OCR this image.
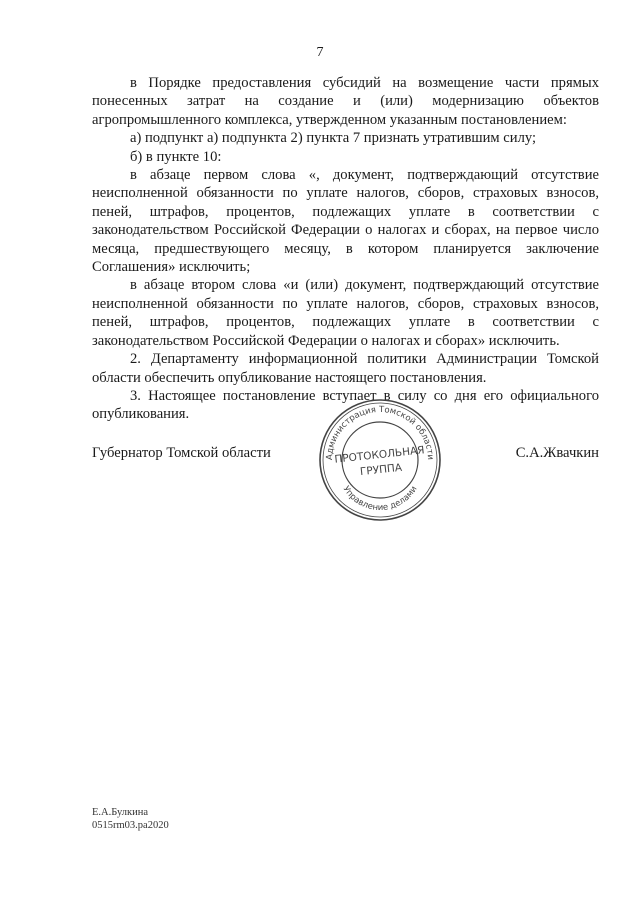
7

в Порядке предоставления субсидий на возмещение части прямых понесенных затрат на создание и (или) модернизацию объектов агропромышленного комплекса, утвержденном указанным постановлением:

а) подпункт а) подпункта 2) пункта 7 признать утратившим силу;

б) в пункте 10:

в абзаце первом слова «, документ, подтверждающий отсутствие неисполненной обязанности по уплате налогов, сборов, страховых взносов, пеней, штрафов, процентов, подлежащих уплате в соответствии с законодательством Российской Федерации о налогах и сборах, на первое число месяца, предшествующего месяцу, в котором планируется заключение Соглашения» исключить;

в абзаце втором слова «и (или) документ, подтверждающий отсутствие неисполненной обязанности по уплате налогов, сборов, страховых взносов, пеней, штрафов, процентов, подлежащих уплате в соответствии с законодательством Российской Федерации о налогах и сборах» исключить.

2. Департаменту информационной политики Администрации Томской области обеспечить опубликование настоящего постановления.

3. Настоящее постановление вступает в силу со дня его официального опубликования.

Губернатор Томской области	С.А.Жвачкин
Администрация Томской области
Управление делами
ПРОТОКОЛЬНАЯ
ГРУППА
Е.А.Булкина
0515rm03.pa2020
